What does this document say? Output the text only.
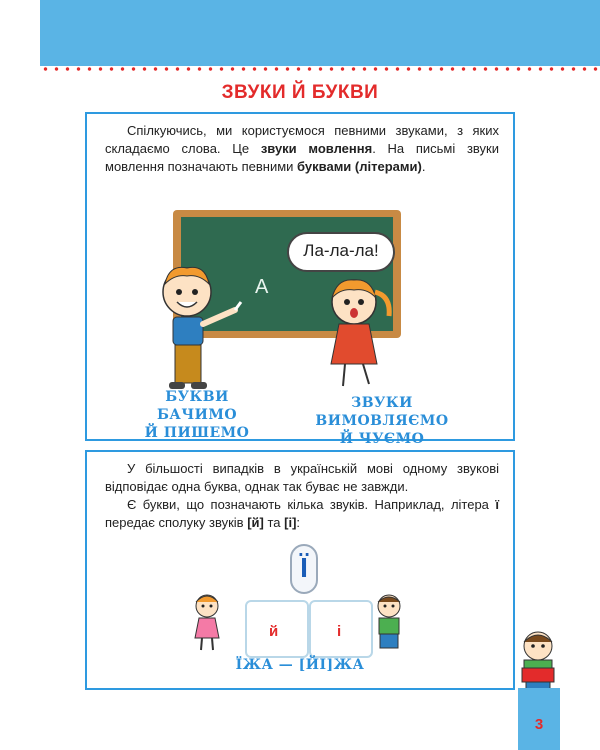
ЗВУКИ Й БУКВИ
Спілкуючись, ми користуємося певними звуками, з яких складаємо слова. Це звуки мовлення. На письмі звуки мовлення позначають певними буквами (літерами).
А
Ла-ла-ла!
БУКВИ БАЧИМО
Й ПИШЕМО
ЗВУКИ ВИМОВЛЯЄМО
Й ЧУЄМО
У більшості випадків в українській мові одному звукові відповідає одна буква, однак так буває не завжди.
Є букви, що позначають кілька звуків. Наприклад, літера ї передає сполуку звуків [й] та [і]:
Ї
й	і
ЇЖА — [ЙІ]ЖА
3
